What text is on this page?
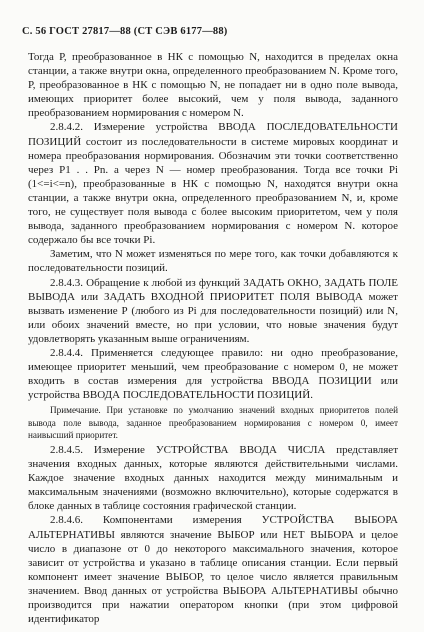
С. 56 ГОСТ 27817—88 (СТ СЭВ 6177—88)

Тогда Р, преобразованное в НК с помощью N, находится в пределах окна станции, а также внутри окна, определенного преобразованием N. Кроме того, Р, преобразованное в НК с помощью N, не попадает ни в одно поле вывода, имеющих приоритет более высокий, чем у поля вывода, заданного преобразованием нормирования с номером N.

2.8.4.2. Измерение устройства ВВОДА ПОСЛЕДОВАТЕЛЬНОСТИ ПОЗИЦИЙ состоит из последовательности в системе мировых координат и номера преобразования нормирования. Обозначим эти точки соответственно через Р1 . . Рn. а через N — номер преобразования. Тогда все точки Рi (1<=i<=n), преобразованные в НК с помощью N, находятся внутри окна станции, а также внутри окна, определенного преобразованием N, и, кроме того, не существует поля вывода с более высоким приоритетом, чем у поля вывода, заданного преобразованием нормирования с номером N. которое содержало бы все точки Рi.

Заметим, что N может изменяться по мере того, как точки добавляются к последовательности позиций.

2.8.4.3. Обращение к любой из функций ЗАДАТЬ ОКНО, ЗАДАТЬ ПОЛЕ ВЫВОДА или ЗАДАТЬ ВХОДНОЙ ПРИОРИТЕТ ПОЛЯ ВЫВОДА может вызвать изменение Р (любого из Рi для последовательности позиций) или N, или обоих значений вместе, но при условии, что новые значения будут удовлетворять указанным выше ограничениям.

2.8.4.4. Применяется следующее правило: ни одно преобразование, имеющее приоритет меньший, чем преобразование с номером 0, не может входить в состав измерения для устройства ВВОДА ПОЗИЦИИ или устройства ВВОДА ПОСЛЕДОВАТЕЛЬНОСТИ ПОЗИЦИЙ.

Примечание. При установке по умолчанию значений входных приоритетов полей вывода поле вывода, заданное преобразованием нормирования с номером 0, имеет наивысший приоритет.

2.8.4.5. Измерение УСТРОЙСТВА ВВОДА ЧИСЛА представляет значения входных данных, которые являются действительными числами. Каждое значение входных данных находится между минимальным и максимальным значениями (возможно включительно), которые содержатся в блоке данных в таблице состояния графической станции.

2.8.4.6. Компонентами измерения УСТРОЙСТВА ВЫБОРА АЛЬТЕРНАТИВЫ являются значение ВЫБОР или НЕТ ВЫБОРА и целое число в диапазоне от 0 до некоторого максимального значения, которое зависит от устройства и указано в таблице описания станции. Если первый компонент имеет значение ВЫБОР, то целое число является правильным значением. Ввод данных от устройства ВЫБОРА АЛЬТЕРНАТИВЫ обычно производится при нажатии оператором кнопки (при этом цифровой идентификатор
